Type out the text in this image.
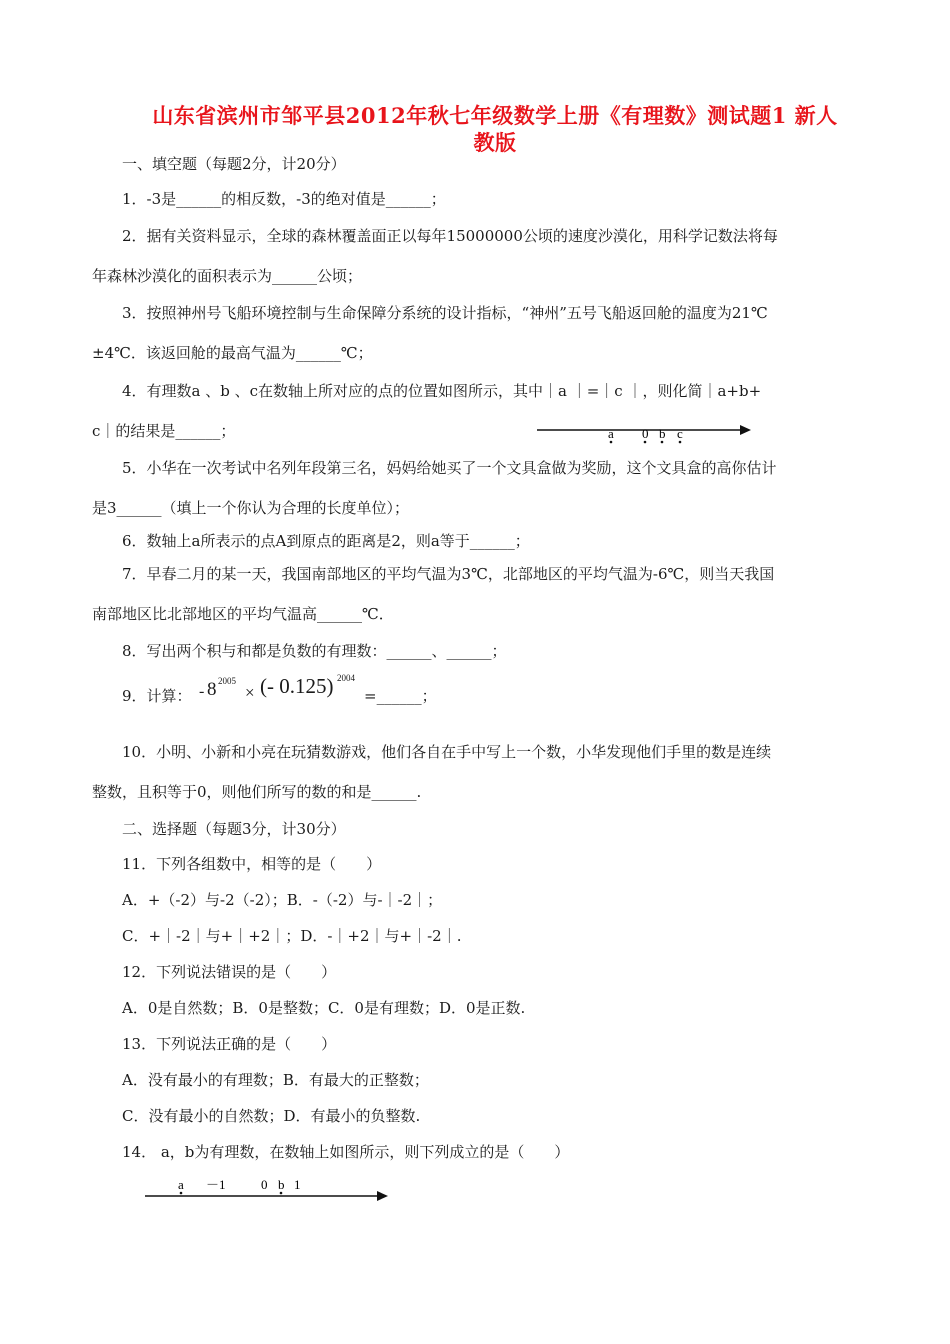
山东省滨州市邹平县2012年秋七年级数学上册《有理数》测试题1 新人
教版
一、填空题（每题2分，计20分）
1．-3是______的相反数，-3的绝对值是______；
2．据有关资料显示，全球的森林覆盖面正以每年15000000公顷的速度沙漠化，用科学记数法将每
年森林沙漠化的面积表示为______公顷；
3．按照神州号飞船环境控制与生命保障分系统的设计指标，“神州”五号飞船返回舱的温度为21℃
±4℃．该返回舱的最高气温为______℃；
4．有理数a 、b 、c在数轴上所对应的点的位置如图所示，其中｜a ｜=｜c ｜，则化简｜a+b+
c｜的结果是______；	a 0 b c
5．小华在一次考试中名列年段第三名，妈妈给她买了一个文具盒做为奖励，这个文具盒的高你估计
是3______（填上一个你认为合理的长度单位）；
6．数轴上a所表示的点A到原点的距离是2，则a等于______；
7．早春二月的某一天，我国南部地区的平均气温为3℃，北部地区的平均气温为-6℃，则当天我国
南部地区比北部地区的平均气温高______℃．
8．写出两个积与和都是负数的有理数：______、______；
9．计算： - 8 2005
× (- 0.125) 2004
=______；
10．小明、小新和小亮在玩猜数游戏，他们各自在手中写上一个数，小华发现他们手里的数是连续
整数，且积等于0，则他们所写的数的和是______.
二、选择题（每题3分，计30分）
11．下列各组数中，相等的是（　　）
A．+（-2）与-2（-2）；B．-（-2）与-｜-2｜；
C．+｜-2｜与+｜+2｜；D．-｜+2｜与+｜-2｜.
12．下列说法错误的是（　　）
A．0是自然数；B．0是整数；C．0是有理数；D．0是正数.
13．下列说法正确的是（　　）
A．没有最小的有理数；B．有最大的正整数；
C．没有最小的自然数；D．有最小的负整数.
14． a，b为有理数，在数轴上如图所示，则下列成立的是（　　）
a －1	0 b 1
